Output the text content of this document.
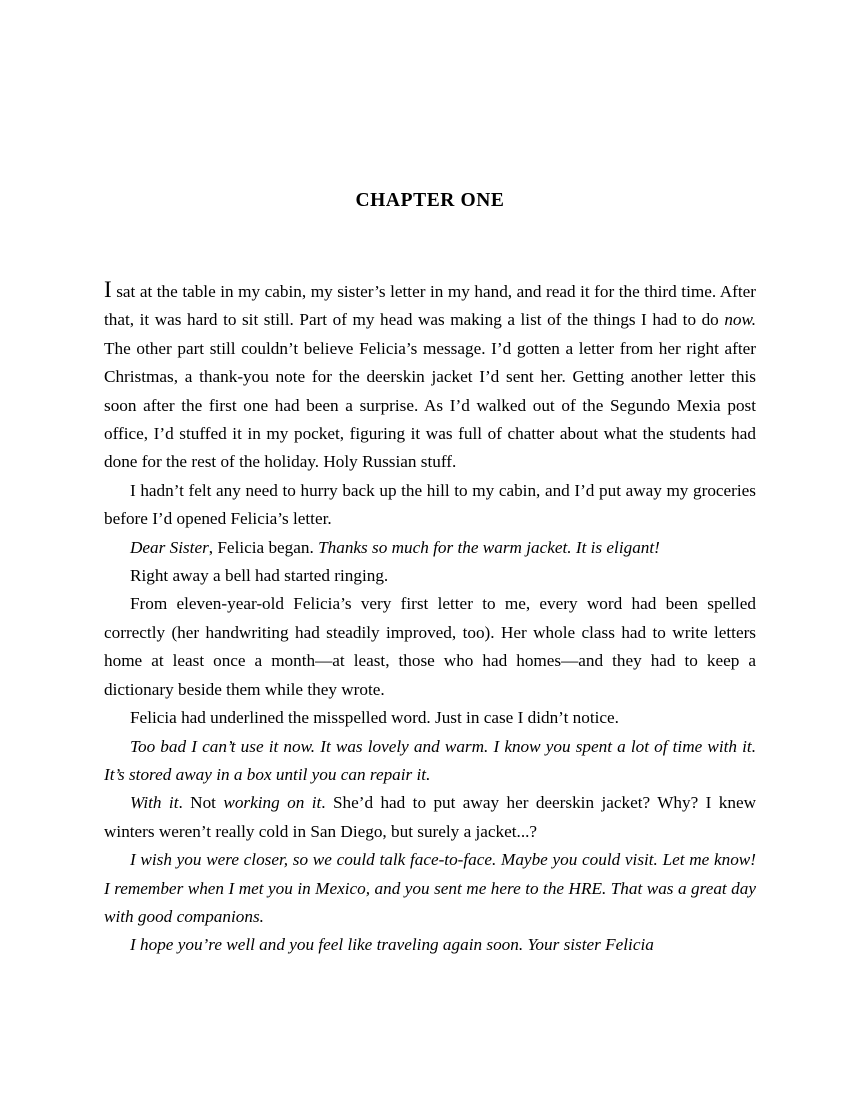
CHAPTER ONE

I sat at the table in my cabin, my sister’s letter in my hand, and read it for the third time. After that, it was hard to sit still. Part of my head was making a list of the things I had to do now. The other part still couldn’t believe Felicia’s message. I’d gotten a letter from her right after Christmas, a thank-you note for the deerskin jacket I’d sent her. Getting another letter this soon after the first one had been a surprise. As I’d walked out of the Segundo Mexia post office, I’d stuffed it in my pocket, figuring it was full of chatter about what the students had done for the rest of the holiday. Holy Russian stuff.

I hadn’t felt any need to hurry back up the hill to my cabin, and I’d put away my groceries before I’d opened Felicia’s letter.

Dear Sister, Felicia began. Thanks so much for the warm jacket. It is eligant!

Right away a bell had started ringing.

From eleven-year-old Felicia’s very first letter to me, every word had been spelled correctly (her handwriting had steadily improved, too). Her whole class had to write letters home at least once a month—at least, those who had homes—and they had to keep a dictionary beside them while they wrote.

Felicia had underlined the misspelled word. Just in case I didn’t notice.

Too bad I can’t use it now. It was lovely and warm. I know you spent a lot of time with it. It’s stored away in a box until you can repair it.

With it. Not working on it. She’d had to put away her deerskin jacket? Why? I knew winters weren’t really cold in San Diego, but surely a jacket...?

I wish you were closer, so we could talk face-to-face. Maybe you could visit. Let me know! I remember when I met you in Mexico, and you sent me here to the HRE. That was a great day with good companions.

I hope you’re well and you feel like traveling again soon. Your sister Felicia
